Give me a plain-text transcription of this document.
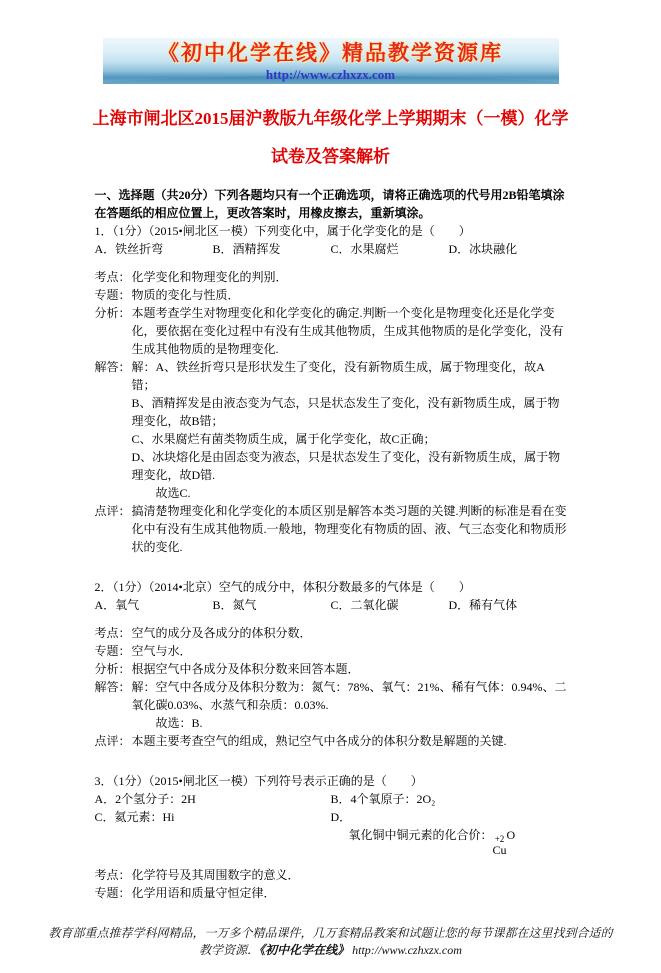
《初中化学在线》精品教学资源库
http://www.czhxzx.com
上海市闸北区2015届沪教版九年级化学上学期期末（一模）化学试卷及答案解析
一、选择题（共20分）下列各题均只有一个正确选项，请将正确选项的代号用2B铅笔填涂在答题纸的相应位置上，更改答案时，用橡皮擦去，重新填涂。
1．（1分）（2015•闸北区一模）下列变化中，属于化学变化的是（　　）
A．铁丝折弯	B．酒精挥发	C．水果腐烂	D．冰块融化
考点： 化学变化和物理变化的判别．
专题： 物质的变化与性质．
分析： 本题考查学生对物理变化和化学变化的确定.判断一个变化是物理变化还是化学变化，要依据在变化过程中有没有生成其他物质，生成其他物质的是化学变化，没有生成其他物质的是物理变化.
解答： 解：A、铁丝折弯只是形状发生了变化，没有新物质生成，属于物理变化，故A错；
B、酒精挥发是由液态变为气态，只是状态发生了变化，没有新物质生成，属于物理变化，故B错；
C、水果腐烂有菌类物质生成，属于化学变化，故C正确；
D、冰块熔化是由固态变为液态，只是状态发生了变化，没有新物质生成，属于物理变化，故D错.
故选C.
点评： 搞清楚物理变化和化学变化的本质区别是解答本类习题的关键.判断的标准是看在变化中有没有生成其他物质.一般地，物理变化有物质的固、液、气三态变化和物质形状的变化.
2．（1分）（2014•北京）空气的成分中，体积分数最多的气体是（　　）
A．氧气	B．氮气	C．二氧化碳	D．稀有气体
考点： 空气的成分及各成分的体积分数．
专题： 空气与水．
分析： 根据空气中各成分及体积分数来回答本题．
解答： 解：空气中各成分及体积分数为：氮气：78%、氧气：21%、稀有气体：0.94%、二氧化碳0.03%、水蒸气和杂质：0.03%.
故选：B.
点评： 本题主要考查空气的组成，熟记空气中各成分的体积分数是解题的关键.
3．（1分）（2015•闸北区一模）下列符号表示正确的是（　　）
A．2个氢分子：2H	B．4个氧原子：2O₂
C．氦元素：Hi	D．
氧化铜中铜元素的化合价： +2
Cu
O
考点： 化学符号及其周围数字的意义．
专题： 化学用语和质量守恒定律．
教育部重点推荐学科网精品，一万多个精品课件，几万套精品教案和试题让您的每节课都在这里找到合适的
教学资源．《初中化学在线》 http://www.czhxzx.com
